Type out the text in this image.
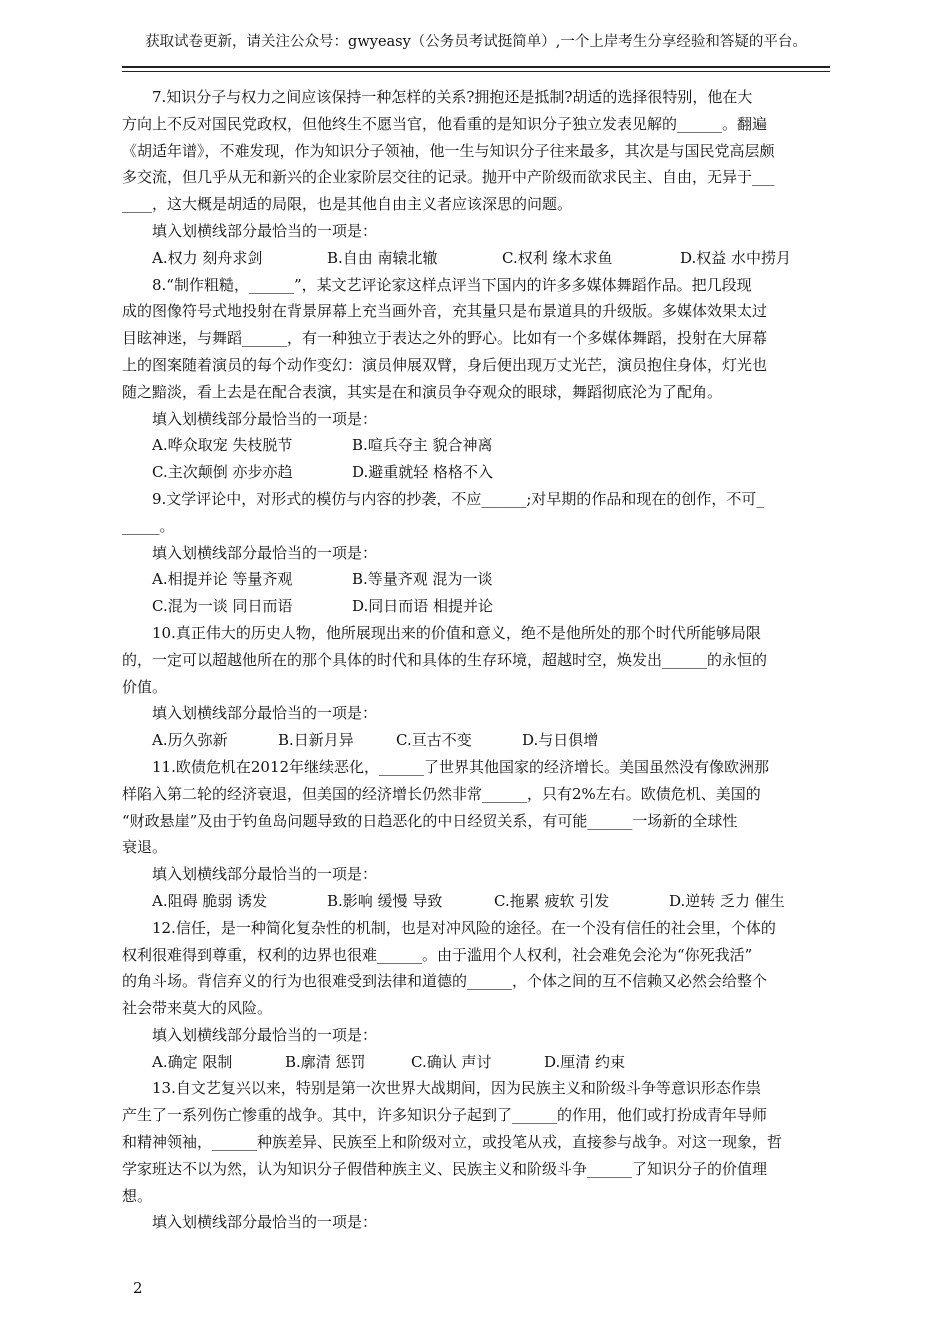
获取试卷更新，请关注公众号：gwyeasy（公务员考试挺简单）,一个上岸考生分享经验和答疑的平台。

7.知识分子与权力之间应该保持一种怎样的关系?拥抱还是抵制?胡适的选择很特别，他在大

方向上不反对国民党政权，但他终生不愿当官，他看重的是知识分子独立发表见解的______。翻遍

《胡适年谱》，不难发现，作为知识分子领袖，他一生与知识分子往来最多，其次是与国民党高层颇

多交流，但几乎从无和新兴的企业家阶层交往的记录。抛开中产阶级而欲求民主、自由，无异于___

____，这大概是胡适的局限，也是其他自由主义者应该深思的问题。

填入划横线部分最恰当的一项是：

A.权力 刻舟求剑	B.自由 南辕北辙	C.权利 缘木求鱼	D.权益 水中捞月

8.“制作粗糙，______”，某文艺评论家这样点评当下国内的许多多媒体舞蹈作品。把几段现

成的图像符号式地投射在背景屏幕上充当画外音，充其量只是布景道具的升级版。多媒体效果太过

目眩神迷，与舞蹈______，有一种独立于表达之外的野心。比如有一个多媒体舞蹈，投射在大屏幕

上的图案随着演员的每个动作变幻：演员伸展双臂，身后便出现万丈光芒，演员抱住身体，灯光也

随之黯淡，看上去是在配合表演，其实是在和演员争夺观众的眼球，舞蹈彻底沦为了配角。

填入划横线部分最恰当的一项是：

A.哗众取宠 失枝脱节	B.喧兵夺主 貌合神离

C.主次颠倒 亦步亦趋	D.避重就轻 格格不入

9.文学评论中，对形式的模仿与内容的抄袭，不应______;对早期的作品和现在的创作，不可_

_____。

填入划横线部分最恰当的一项是：

A.相提并论 等量齐观	B.等量齐观 混为一谈

C.混为一谈 同日而语	D.同日而语 相提并论

10.真正伟大的历史人物，他所展现出来的价值和意义，绝不是他所处的那个时代所能够局限

的，一定可以超越他所在的那个具体的时代和具体的生存环境，超越时空，焕发出______的永恒的

价值。

填入划横线部分最恰当的一项是：

A.历久弥新	B.日新月异	C.亘古不变	D.与日俱增

11.欧债危机在2012年继续恶化，______了世界其他国家的经济增长。美国虽然没有像欧洲那

样陷入第二轮的经济衰退，但美国的经济增长仍然非常______，只有2%左右。欧债危机、美国的

“财政悬崖”及由于钓鱼岛问题导致的日趋恶化的中日经贸关系，有可能______一场新的全球性

衰退。

填入划横线部分最恰当的一项是：

A.阻碍 脆弱 诱发	B.影响 缓慢 导致	C.拖累 疲软 引发	D.逆转 乏力 催生

12.信任，是一种简化复杂性的机制，也是对冲风险的途径。在一个没有信任的社会里，个体的

权利很难得到尊重，权利的边界也很难______。由于滥用个人权利，社会难免会沦为“你死我活”

的角斗场。背信弃义的行为也很难受到法律和道德的______，个体之间的互不信赖又必然会给整个

社会带来莫大的风险。

填入划横线部分最恰当的一项是：

A.确定 限制	B.廓清 惩罚	C.确认 声讨	D.厘清 约束

13.自文艺复兴以来，特别是第一次世界大战期间，因为民族主义和阶级斗争等意识形态作祟

产生了一系列伤亡惨重的战争。其中，许多知识分子起到了______的作用，他们或打扮成青年导师

和精神领袖，______种族差异、民族至上和阶级对立，或投笔从戎，直接参与战争。对这一现象，哲

学家班达不以为然，认为知识分子假借种族主义、民族主义和阶级斗争______了知识分子的价值理

想。

填入划横线部分最恰当的一项是：

2
